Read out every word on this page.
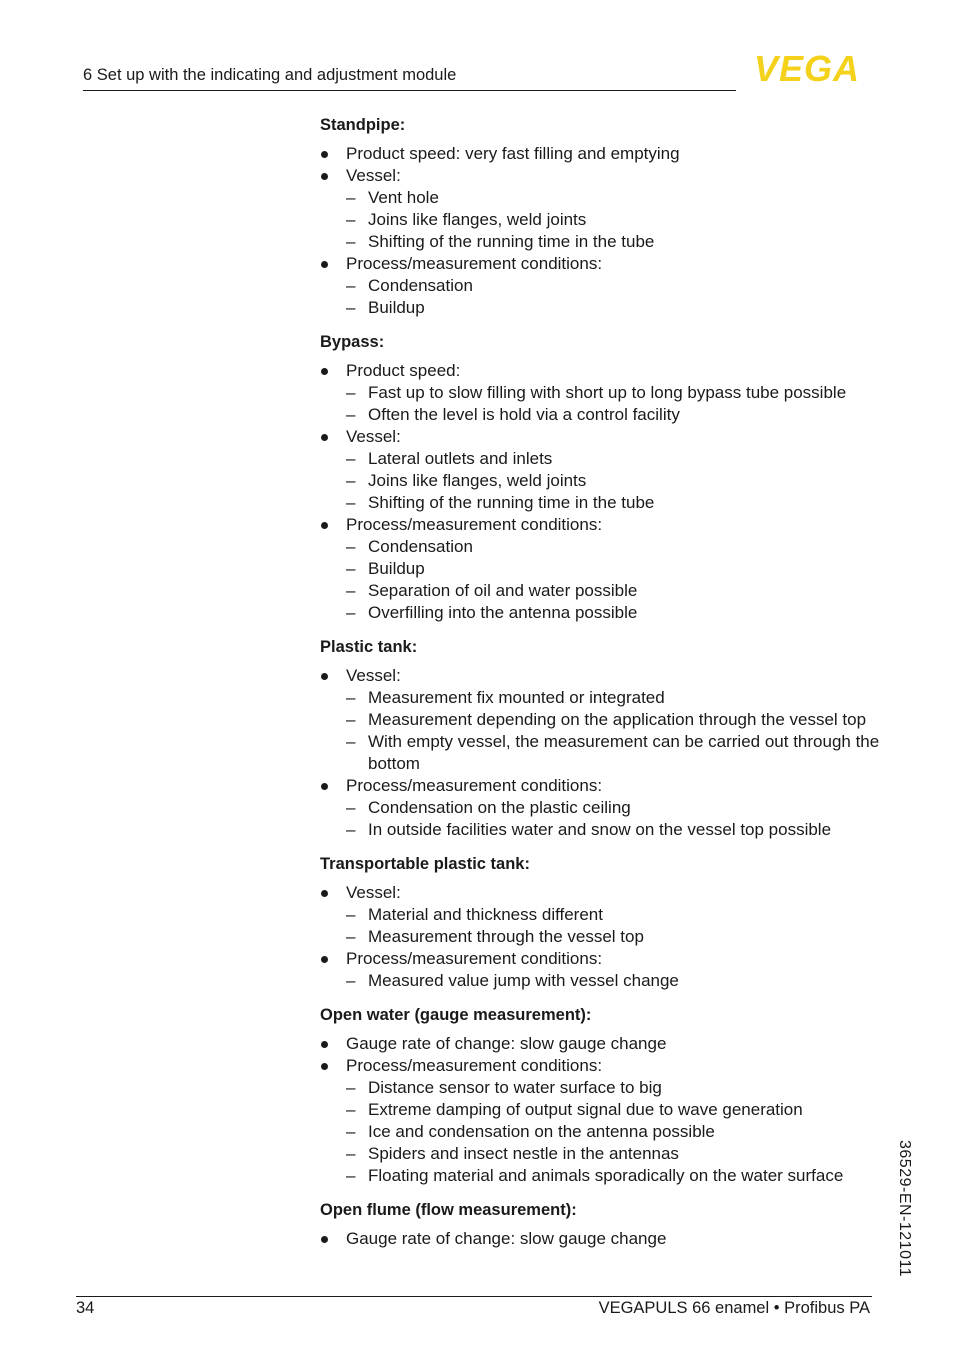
6 Set up with the indicating and adjustment module	VEGA
Standpipe:
Product speed: very fast filling and emptying
Vessel:
– Vent hole
– Joins like flanges, weld joints
– Shifting of the running time in the tube
Process/measurement conditions:
– Condensation
– Buildup
Bypass:
Product speed:
– Fast up to slow filling with short up to long bypass tube possible
– Often the level is hold via a control facility
Vessel:
– Lateral outlets and inlets
– Joins like flanges, weld joints
– Shifting of the running time in the tube
Process/measurement conditions:
– Condensation
– Buildup
– Separation of oil and water possible
– Overfilling into the antenna possible
Plastic tank:
Vessel:
– Measurement fix mounted or integrated
– Measurement depending on the application through the vessel top
– With empty vessel, the measurement can be carried out through the bottom
Process/measurement conditions:
– Condensation on the plastic ceiling
– In outside facilities water and snow on the vessel top possible
Transportable plastic tank:
Vessel:
– Material and thickness different
– Measurement through the vessel top
Process/measurement conditions:
– Measured value jump with vessel change
Open water (gauge measurement):
Gauge rate of change: slow gauge change
Process/measurement conditions:
– Distance sensor to water surface to big
– Extreme damping of output signal due to wave generation
– Ice and condensation on the antenna possible
– Spiders and insect nestle in the antennas
– Floating material and animals sporadically on the water surface
Open flume (flow measurement):
Gauge rate of change: slow gauge change	36529-EN-121011
34	VEGAPULS 66 enamel • Profibus PA
